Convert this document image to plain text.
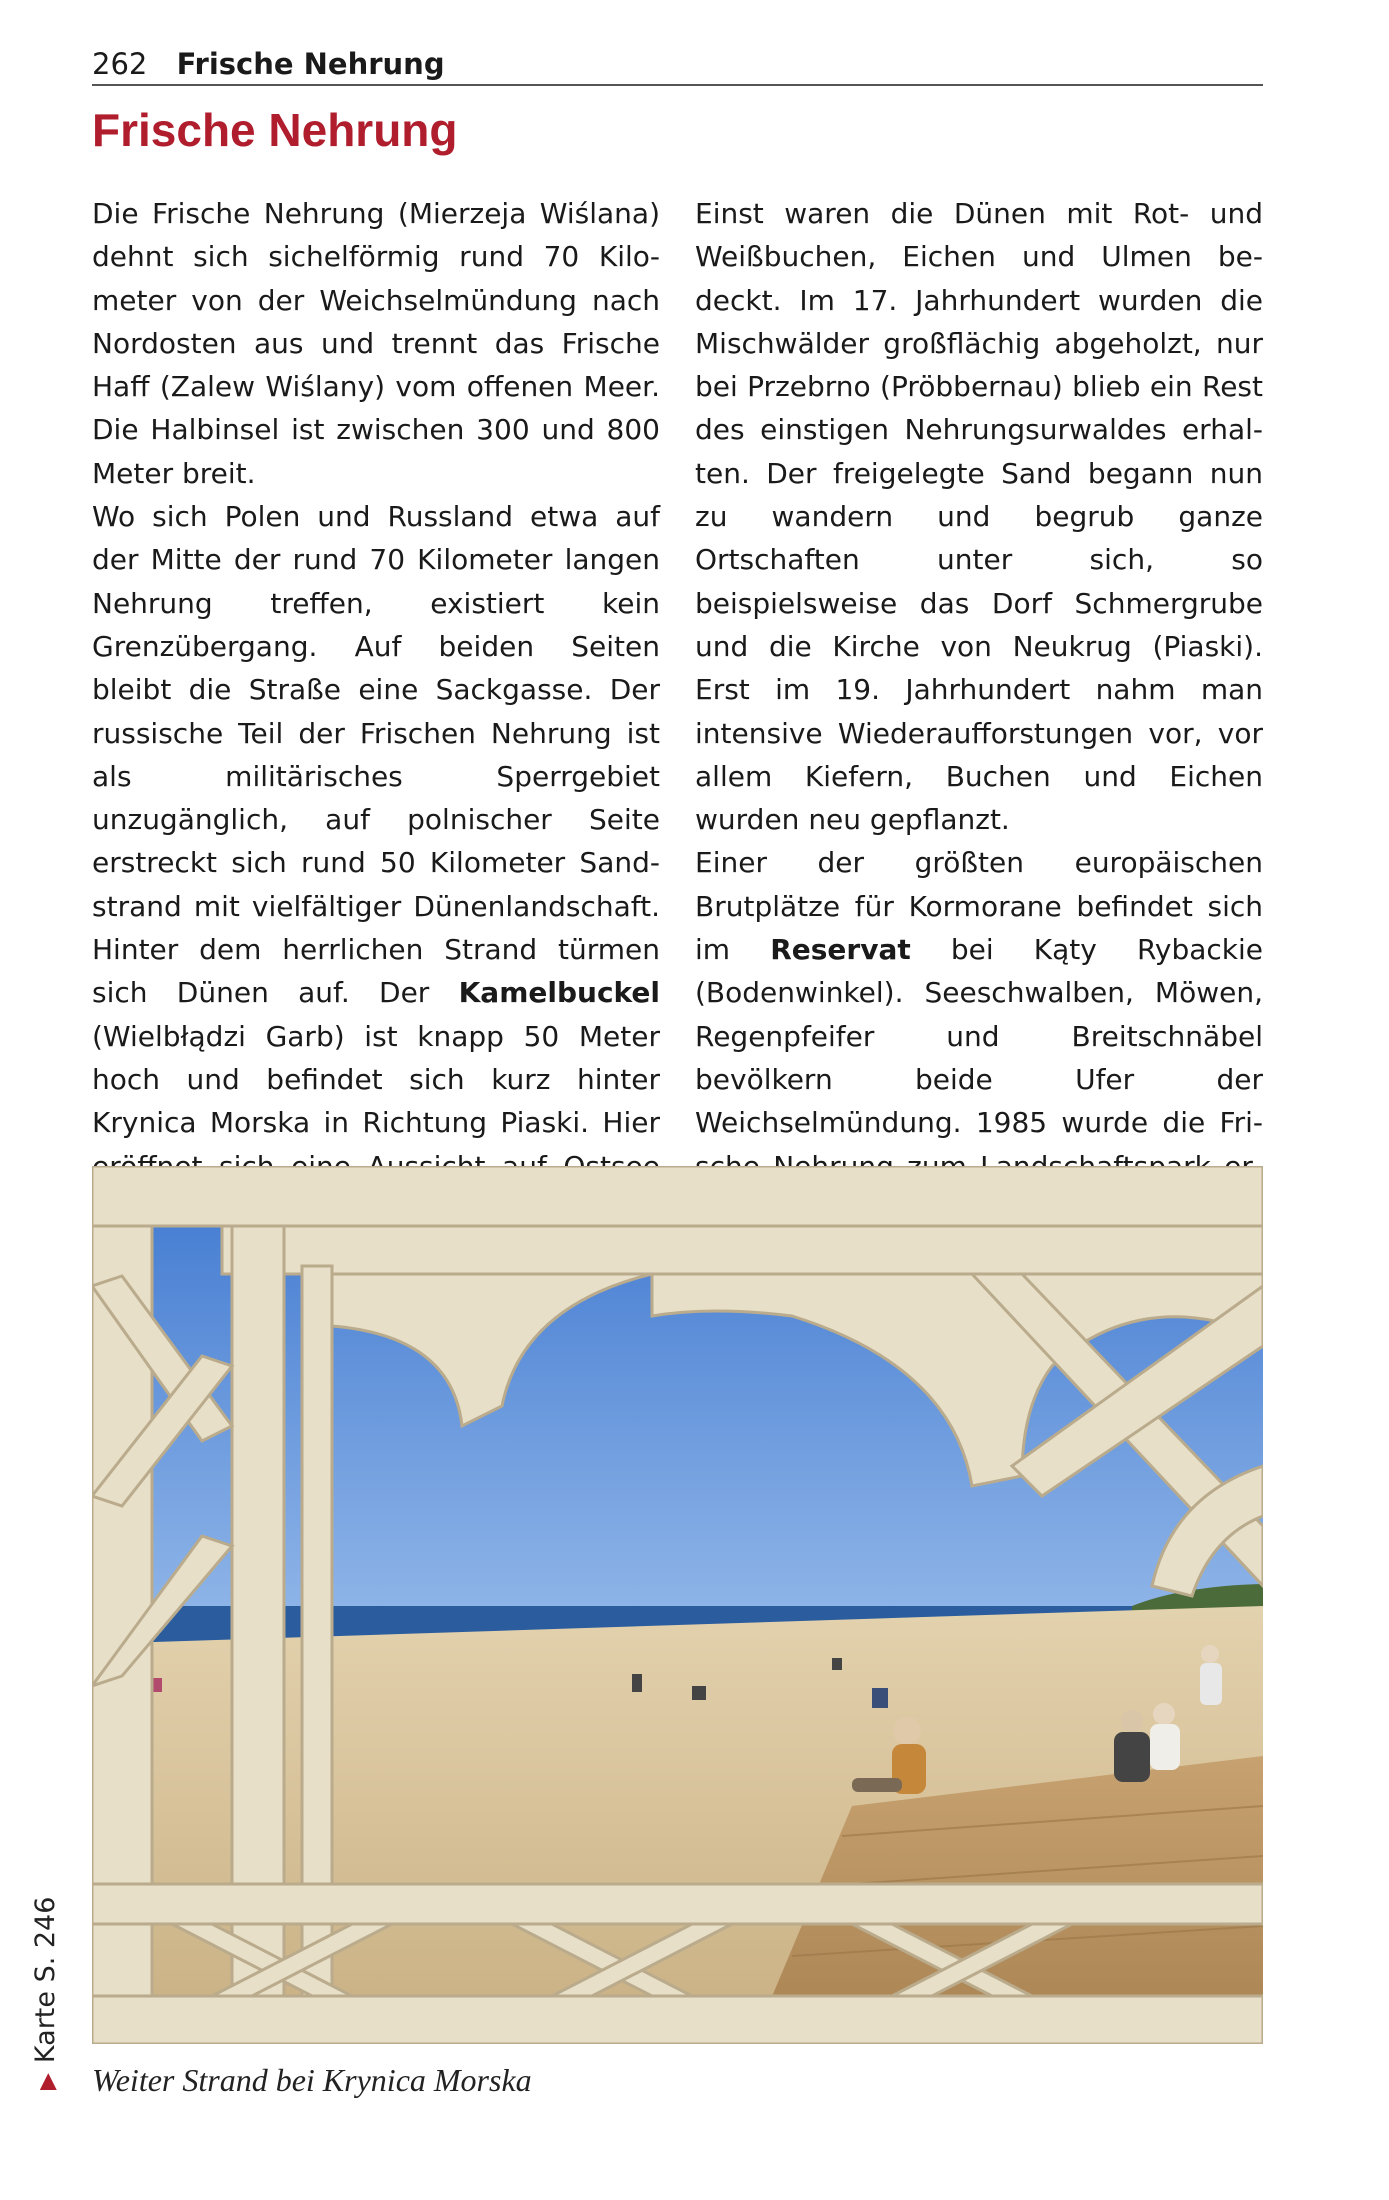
262 Frische Nehrung
Frische Nehrung

Die Frische Nehrung (Mierzeja Wiślana) dehnt sich sichelförmig rund 70 Kilometer von der Weichselmündung nach Nordosten aus und trennt das Frische Haff (Zalew Wiślany) vom offenen Meer. Die Halbinsel ist zwischen 300 und 800 Meter breit.

Wo sich Polen und Russland etwa auf der Mitte der rund 70 Kilometer langen Nehrung treffen, existiert kein Grenzübergang. Auf beiden Seiten bleibt die Straße eine Sackgasse. Der russische Teil der Frischen Nehrung ist als militärisches Sperrgebiet unzugänglich, auf polnischer Seite erstreckt sich rund 50 Kilometer Sandstrand mit vielfältiger Dünenlandschaft. Hinter dem herrlichen Strand türmen sich Dünen auf. Der Kamelbuckel (Wielbłądzi Garb) ist knapp 50 Meter hoch und befindet sich kurz hinter Krynica Morska in Richtung Piaski. Hier

Einst waren die Dünen mit Rot- und Weißbuchen, Eichen und Ulmen bedeckt. Im 17. Jahrhundert wurden die Mischwälder großflächig abgeholzt, nur bei Przebrno (Pröbbernau) blieb ein Rest des einstigen Nehrungsurwaldes erhalten. Der freigelegte Sand begann nun zu wandern und begrub ganze Ortschaften unter sich, so beispielsweise das Dorf Schmergrube und die Kirche von Neukrug (Piaski). Erst im 19. Jahrhundert nahm man intensive Wiederaufforstungen vor, vor allem Kiefern, Buchen und Eichen wurden neu gepflanzt.

Einer der größten europäischen Brutplätze für Kormorane befindet sich im Reservat bei Kąty Rybackie (Bodenwinkel). Seeschwalben, Möwen, Regenpfeifer und Breitschnäbel bevölkern beide Ufer der Weichselmündung. 1985 wurde die Fri

Weiter Strand bei Krynica Morska
▶Karte S. 246
